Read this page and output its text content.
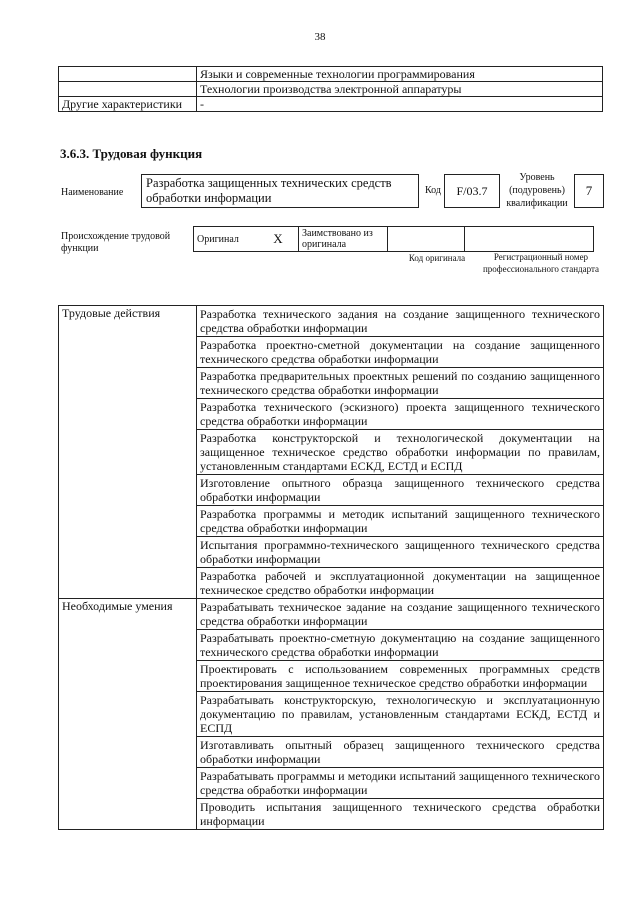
38
	Языки и современные технологии программирования
	Технологии производства электронной аппаратуры
Другие характеристики	-
3.6.3. Трудовая функция
Наименование
Разработка защищенных технических средств обработки информации
Код	F/03.7
Уровень (подуровень) квалификации
7
Происхождение трудовой функции
Оригинал	X	Заимствовано из оригинала		
Код оригинала	Регистрационный номер профессионального стандарта
Трудовые действия	Разработка технического задания на создание защищенного технического средства обработки информации
	Разработка проектно-сметной документации на создание защищенного технического средства обработки информации
	Разработка предварительных проектных решений по созданию защищенного технического средства обработки информации
	Разработка технического (эскизного) проекта защищенного технического средства обработки информации
	Разработка конструкторской и технологической документации на защищенное техническое средство обработки информации по правилам, установленным стандартами ЕСКД, ЕСТД и ЕСПД
	Изготовление опытного образца защищенного технического средства обработки информации
	Разработка программы и методик испытаний защищенного технического средства обработки информации
	Испытания программно-технического защищенного технического средства обработки информации
	Разработка рабочей и эксплуатационной документации на защищенное техническое средство обработки информации
Необходимые умения	Разрабатывать техническое задание на создание защищенного технического средства обработки информации
	Разрабатывать проектно-сметную документацию на создание защищенного технического средства обработки информации
	Проектировать с использованием современных программных средств проектирования защищенное техническое средство обработки информации
	Разрабатывать конструкторскую, технологическую и эксплуатационную документацию по правилам, установленным стандартами ЕСКД, ЕСТД и ЕСПД
	Изготавливать опытный образец защищенного технического средства обработки информации
	Разрабатывать программы и методики испытаний защищенного технического средства обработки информации
	Проводить испытания защищенного технического средства обработки информации
